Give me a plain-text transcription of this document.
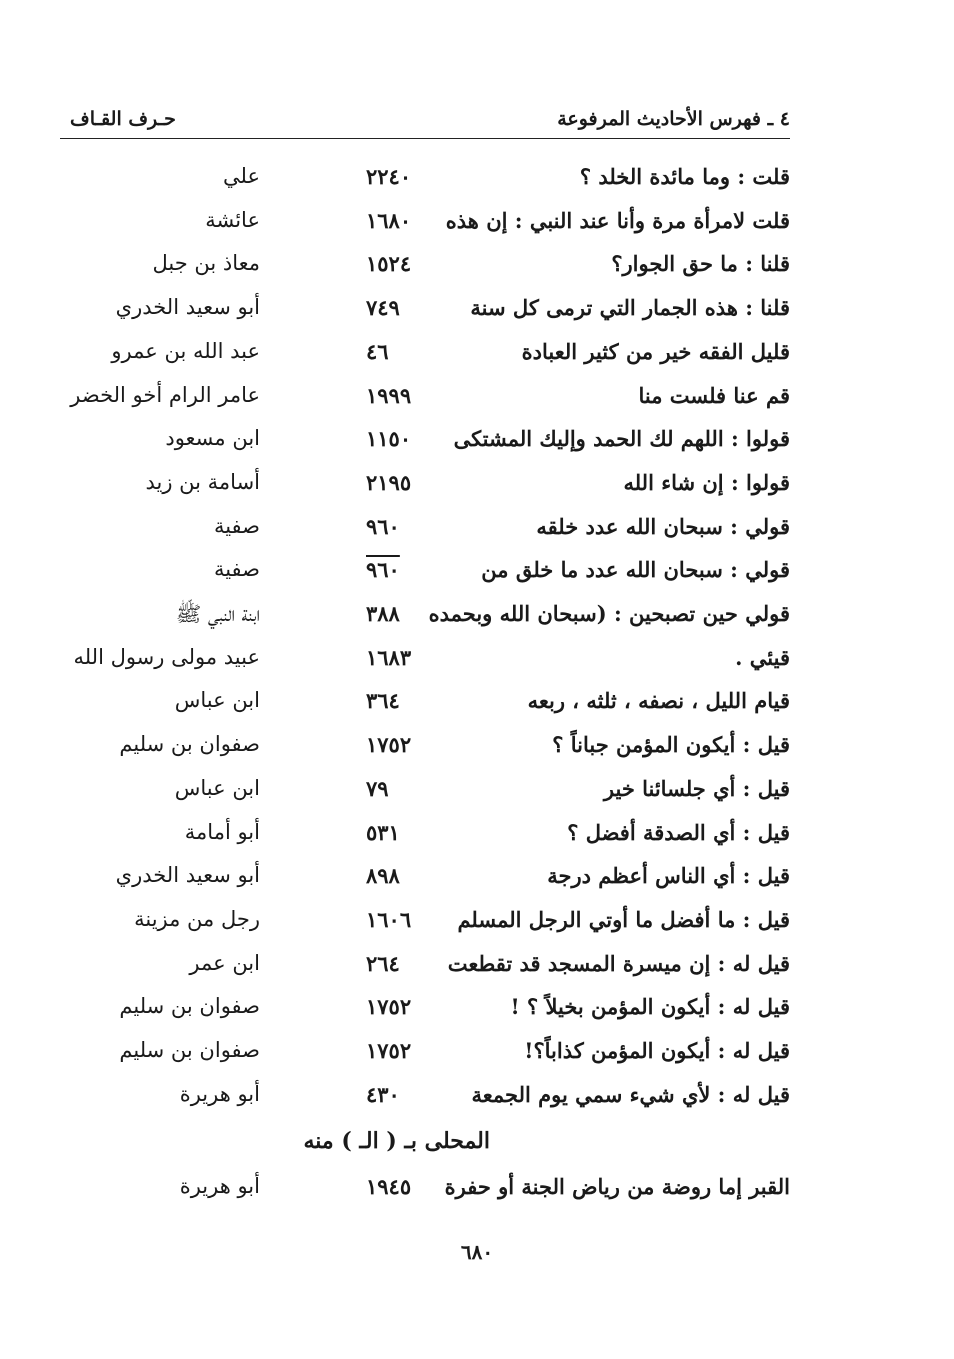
٤ ـ فهرس الأحاديث المرفوعة
حـرف القـاف
قلت : وما مائدة الخلد ؟
٢٢٤٠
علي
قلت لامرأة مرة وأنا عند النبي : إن هذه
١٦٨٠
عائشة
قلنا : ما حق الجوار؟
١٥٢٤
معاذ بن جبل
قلنا : هذه الجمار التي ترمى كل سنة
٧٤٩
أبو سعيد الخدري
قليل الفقه خير من كثير العبادة
٤٦
عبد الله بن عمرو
قم عنا فلست منا
١٩٩٩
عامر الرام أخو الخضر
قولوا : اللهم لك الحمد وإليك المشتكى
١١٥٠
ابن مسعود
قولوا : إن شاء الله
٢١٩٥
أسامة بن زيد
قولي : سبحان الله عدد خلقه
٩٦٠
صفية
قولي : سبحان الله عدد ما خلق من
٩٦٠
صفية
قولي حين تصبحين : (سبحان الله وبحمده
٣٨٨
ابنة النبي ﷺ
قيئي .
١٦٨٣
عبيد مولى رسول الله
قيام الليل ، نصفه ، ثلثه ، ربعه
٣٦٤
ابن عباس
قيل : أيكون المؤمن جباناً ؟
١٧٥٢
صفوان بن سليم
قيل : أي جلسائنا خير
٧٩
ابن عباس
قيل : أي الصدقة أفضل ؟
٥٣١
أبو أمامة
قيل : أي الناس أعظم درجة
٨٩٨
أبو سعيد الخدري
قيل : ما أفضل ما أوتي الرجل المسلم
١٦٠٦
رجل من مزينة
قيل له : إن ميسرة المسجد قد تقطعت
٢٦٤
ابن عمر
قيل له : أيكون المؤمن بخيلاً ؟ !
١٧٥٢
صفوان بن سليم
قيل له : أيكون المؤمن كذاباً؟!
١٧٥٢
صفوان بن سليم
قيل له : لأي شيء سمي يوم الجمعة
٤٣٠
أبو هريرة
المحلى بـ ( الـ ) منه
القبر إما روضة من رياض الجنة أو حفرة
١٩٤٥
أبو هريرة
٦٨٠
